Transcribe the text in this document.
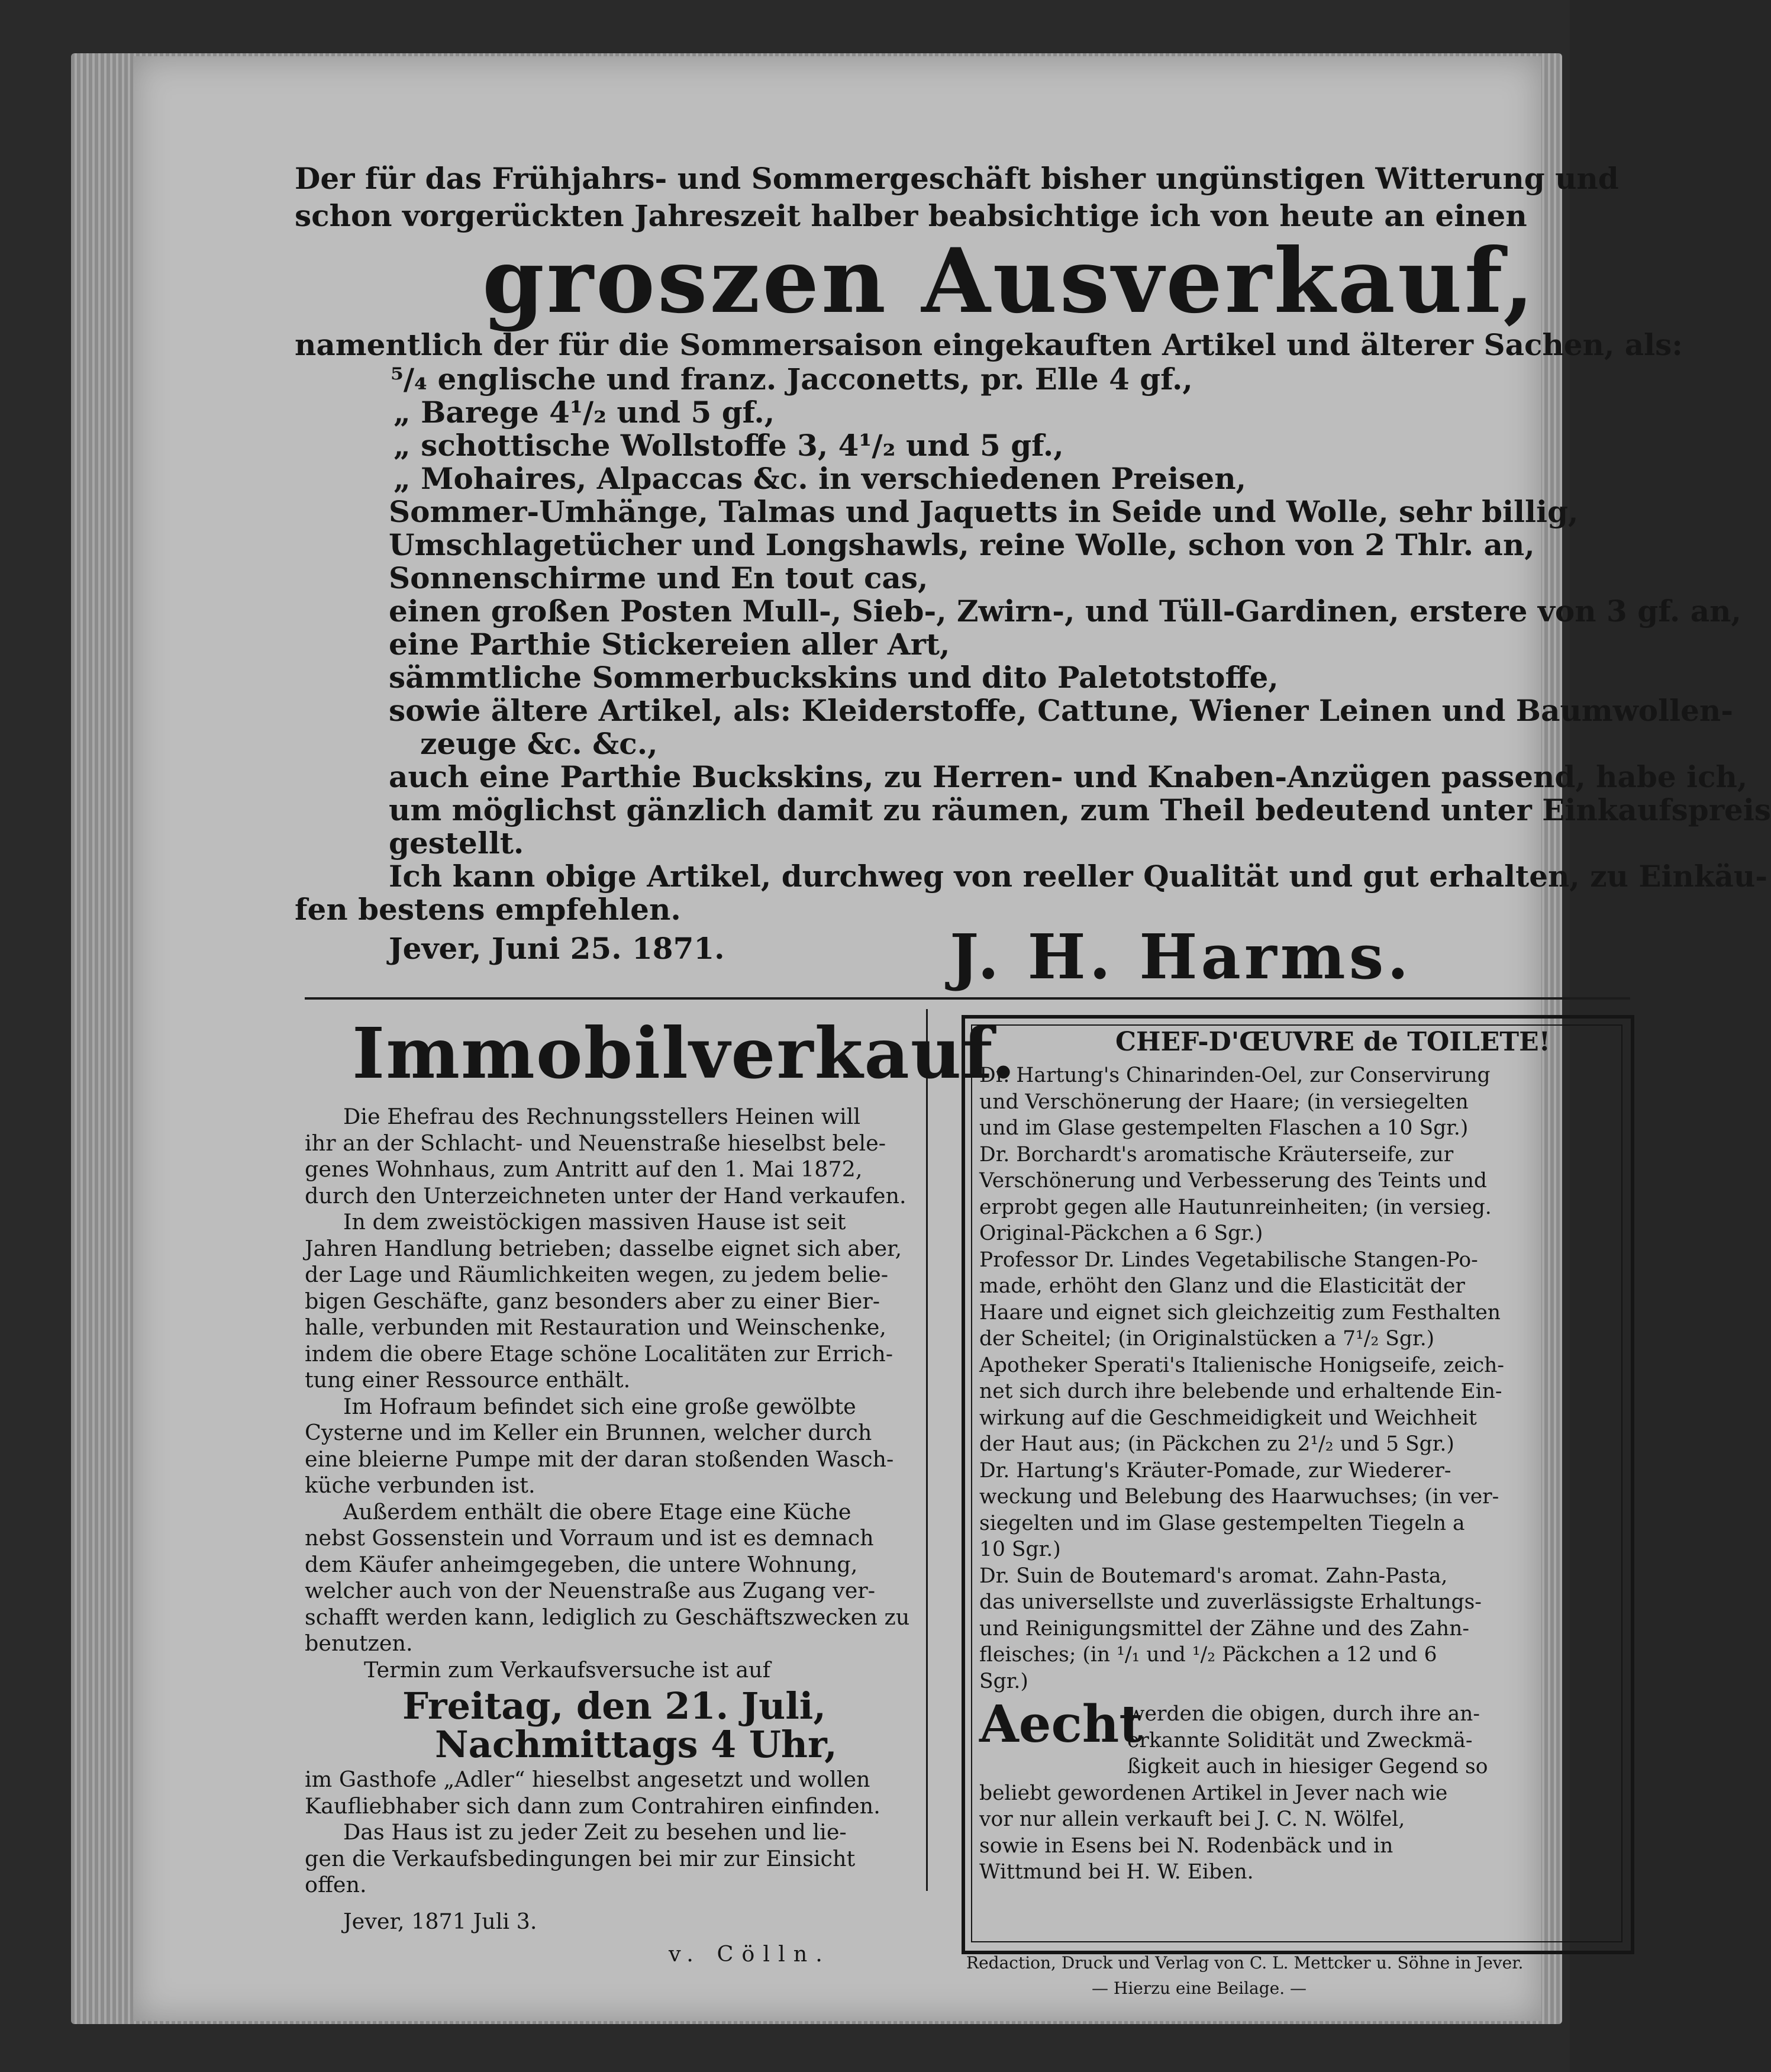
Der für das Frühjahrs- und Sommergeschäft bisher ungünstigen Witterung und
schon vorgerückten Jahreszeit halber beabsichtige ich von heute an einen
groszen Ausverkauf,
namentlich der für die Sommersaison eingekauften Artikel und älterer Sachen, als:
⁵/₄ englische und franz. Jacconetts, pr. Elle 4 gf.,
„ Barege 4¹/₂ und 5 gf.,
„ schottische Wollstoffe 3, 4¹/₂ und 5 gf.,
„ Mohaires, Alpaccas &c. in verschiedenen Preisen,
Sommer-Umhänge, Talmas und Jaquetts in Seide und Wolle, sehr billig,
Umschlagetücher und Longshawls, reine Wolle, schon von 2 Thlr. an,
Sonnenschirme und En tout cas,
einen großen Posten Mull-, Sieb-, Zwirn-, und Tüll-Gardinen, erstere von 3 gf. an,
eine Parthie Stickereien aller Art,
sämmtliche Sommerbuckskins und dito Paletotstoffe,
sowie ältere Artikel, als: Kleiderstoffe, Cattune, Wiener Leinen und Baumwollen-
zeuge &c. &c.,
auch eine Parthie Buckskins, zu Herren- und Knaben-Anzügen passend, habe ich,
um möglichst gänzlich damit zu räumen, zum Theil bedeutend unter Einkaufspreis
gestellt.
Ich kann obige Artikel, durchweg von reeller Qualität und gut erhalten, zu Einkäu-
fen bestens empfehlen.
Jever, Juni 25. 1871.	J. H. Harms.
Immobilverkauf.
Die Ehefrau des Rechnungsstellers Heinen will
ihr an der Schlacht- und Neuenstraße hieselbst bele-
genes Wohnhaus, zum Antritt auf den 1. Mai 1872,
durch den Unterzeichneten unter der Hand verkaufen.
In dem zweistöckigen massiven Hause ist seit
Jahren Handlung betrieben; dasselbe eignet sich aber,
der Lage und Räumlichkeiten wegen, zu jedem belie-
bigen Geschäfte, ganz besonders aber zu einer Bier-
halle, verbunden mit Restauration und Weinschenke,
indem die obere Etage schöne Localitäten zur Errich-
tung einer Ressource enthält.
Im Hofraum befindet sich eine große gewölbte
Cysterne und im Keller ein Brunnen, welcher durch
eine bleierne Pumpe mit der daran stoßenden Wasch-
küche verbunden ist.
Außerdem enthält die obere Etage eine Küche
nebst Gossenstein und Vorraum und ist es demnach
dem Käufer anheimgegeben, die untere Wohnung,
welcher auch von der Neuenstraße aus Zugang ver-
schafft werden kann, lediglich zu Geschäftszwecken zu
benutzen.
Termin zum Verkaufsversuche ist auf
Freitag, den 21. Juli,
Nachmittags 4 Uhr,
im Gasthofe „Adler“ hieselbst angesetzt und wollen
Kaufliebhaber sich dann zum Contrahiren einfinden.
Das Haus ist zu jeder Zeit zu besehen und lie-
gen die Verkaufsbedingungen bei mir zur Einsicht
offen.
Jever, 1871 Juli 3.
v. Cölln.
CHEF-D'ŒUVRE de TOILETE!
Dr. Hartung's Chinarinden-Oel, zur Conservirung
und Verschönerung der Haare; (in versiegelten
und im Glase gestempelten Flaschen a 10 Sgr.)
Dr. Borchardt's aromatische Kräuterseife, zur
Verschönerung und Verbesserung des Teints und
erprobt gegen alle Hautunreinheiten; (in versieg.
Original-Päckchen a 6 Sgr.)
Professor Dr. Lindes Vegetabilische Stangen-Po-
made, erhöht den Glanz und die Elasticität der
Haare und eignet sich gleichzeitig zum Festhalten
der Scheitel; (in Originalstücken a 7¹/₂ Sgr.)
Apotheker Sperati's Italienische Honigseife, zeich-
net sich durch ihre belebende und erhaltende Ein-
wirkung auf die Geschmeidigkeit und Weichheit
der Haut aus; (in Päckchen zu 2¹/₂ und 5 Sgr.)
Dr. Hartung's Kräuter-Pomade, zur Wiederer-
weckung und Belebung des Haarwuchses; (in ver-
siegelten und im Glase gestempelten Tiegeln a
10 Sgr.)
Dr. Suin de Boutemard's aromat. Zahn-Pasta,
das universellste und zuverlässigste Erhaltungs-
und Reinigungsmittel der Zähne und des Zahn-
fleisches; (in ¹/₁ und ¹/₂ Päckchen a 12 und 6
Sgr.)
Aecht
werden die obigen, durch ihre an-
erkannte Solidität und Zweckmä-
ßigkeit auch in hiesiger Gegend so
beliebt gewordenen Artikel in Jever nach wie
vor nur allein verkauft bei J. C. N. Wölfel,
sowie in Esens bei N. Rodenbäck und in
Wittmund bei H. W. Eiben.
Redaction, Druck und Verlag von C. L. Mettcker u. Söhne in Jever.
— Hierzu eine Beilage. —
